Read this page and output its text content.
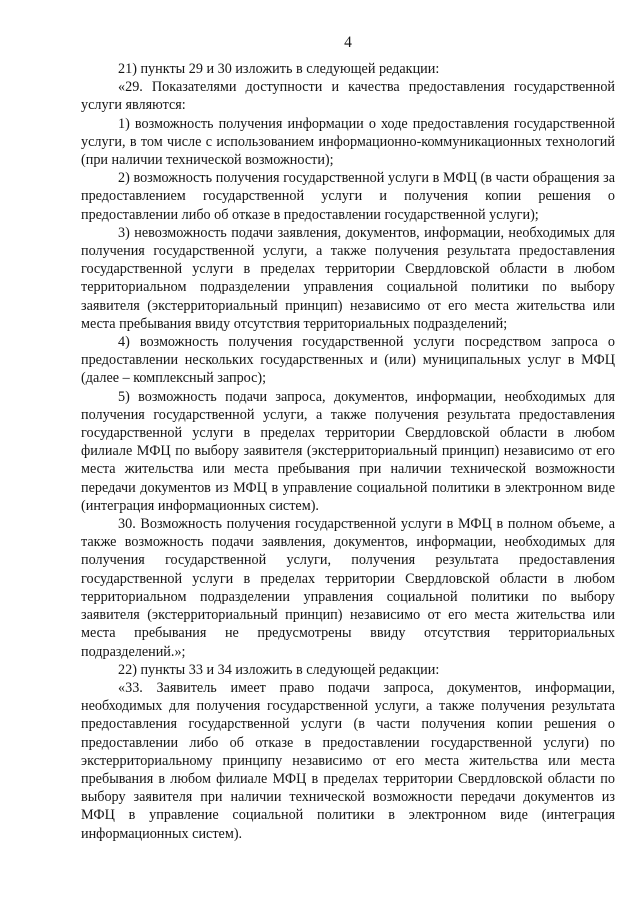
4

21) пункты 29 и 30 изложить в следующей редакции:

«29. Показателями доступности и качества предоставления государственной услуги являются:

1) возможность получения информации о ходе предоставления государственной услуги, в том числе с использованием информационно-коммуникационных технологий (при наличии технической возможности);

2) возможность получения государственной услуги в МФЦ (в части обращения за предоставлением государственной услуги и получения копии решения о предоставлении либо об отказе в предоставлении государственной услуги);

3) невозможность подачи заявления, документов, информации, необходимых для получения государственной услуги, а также получения результата предоставления государственной услуги в пределах территории Свердловской области в любом территориальном подразделении управления социальной политики по выбору заявителя (экстерриториальный принцип) независимо от его места жительства или места пребывания ввиду отсутствия территориальных подразделений;

4) возможность получения государственной услуги посредством запроса о предоставлении нескольких государственных и (или) муниципальных услуг в МФЦ (далее – комплексный запрос);

5) возможность подачи запроса, документов, информации, необходимых для получения государственной услуги, а также получения результата предоставления государственной услуги в пределах территории Свердловской области в любом филиале МФЦ по выбору заявителя (экстерриториальный принцип) независимо от его места жительства или места пребывания при наличии технической возможности передачи документов из МФЦ в управление социальной политики в электронном виде (интеграция информационных систем).

30. Возможность получения государственной услуги в МФЦ в полном объеме, а также возможность подачи заявления, документов, информации, необходимых для получения государственной услуги, получения результата предоставления государственной услуги в пределах территории Свердловской области в любом территориальном подразделении управления социальной политики по выбору заявителя (экстерриториальный принцип) независимо от его места жительства или места пребывания не предусмотрены ввиду отсутствия территориальных подразделений.»;

22) пункты 33 и 34 изложить в следующей редакции:

«33. Заявитель имеет право подачи запроса, документов, информации, необходимых для получения государственной услуги, а также получения результата предоставления государственной услуги (в части получения копии решения о предоставлении либо об отказе в предоставлении государственной услуги) по экстерриториальному принципу независимо от его места жительства или места пребывания в любом филиале МФЦ в пределах территории Свердловской области по выбору заявителя при наличии технической возможности передачи документов из МФЦ в управление социальной политики в электронном виде (интеграция информационных систем).
